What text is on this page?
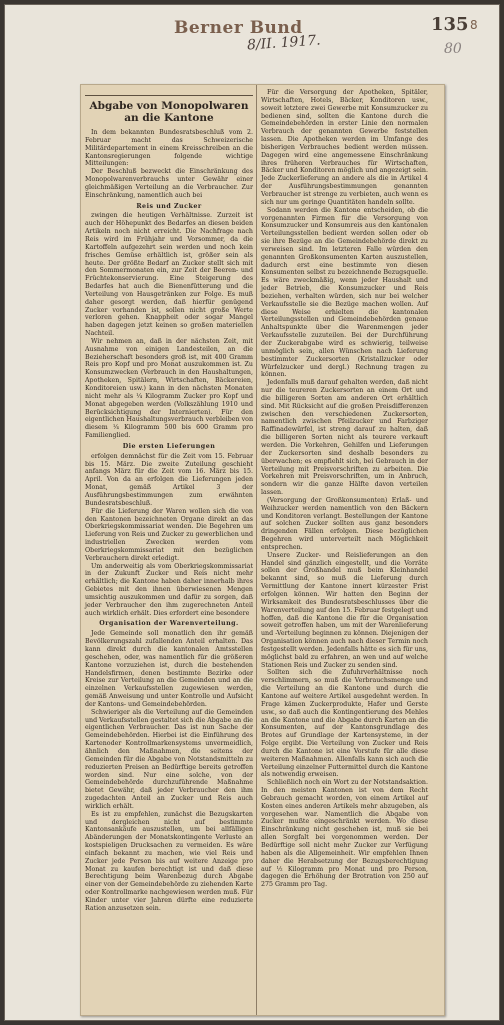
Berner Bund	135 8
8/II. 1917.	80
Abgabe von Monopolwaren an die Kantone

In dem bekannten Bundesratsbeschluß vom 2. Februar macht das Schweizerische Militärdepartement in einem Kreisschreiben an die Kantonsregierungen folgende wichtige Mitteilungen:

Der Beschluß bezweckt die Einschränkung des Monopolwarenverbrauchs unter Gewähr einer gleichmäßigen Verteilung an die Verbraucher. Zur Einschränkung, namentlich auch bei

Reis und Zucker

zwingen die heutigen Verhältnisse. Zurzeit ist auch der Höhepunkt des Bedarfes an diesen beiden Artikeln noch nicht erreicht. Die Nachfrage nach Reis wird im Frühjahr und Vorsommer, da die Kartoffeln aufgezehrt sein werden und noch kein frisches Gemüse erhältlich ist, größer sein als heute. Der größte Bedarf an Zucker stellt sich mit den Sommermonaten ein, zur Zeit der Beeren- und Früchtekonservierung. Eine Steigerung des Bedarfes hat auch die Bienenfütterung und die Verteilung von Hausgetränken zur Folge. Es muß daher gesorgt werden, daß hierfür genügend Zucker vorhanden ist, sollen nicht große Werte verloren gehen. Knappheit oder sogar Mangel haben dagegen jetzt keinen so großen materiellen Nachteil.

Wir nehmen an, daß in der nächsten Zeit, mit Ausnahme von einigen Landesteilen, an die Bezieherschaft besonders groß ist, mit 400 Gramm Reis pro Kopf und pro Monat auszukommen ist. Zu Konsumzwecken (Verbrauch in den Haushaltungen, Apotheken, Spitälern, Wirtschaften, Bäckereien, Konditoreien usw.) kann in den nächsten Monaten nicht mehr als ¼ Kilogramm Zucker pro Kopf und Monat abgegeben werden (Volkszählung 1910 und Berücksichtigung der Internierten). Für den eigentlichen Haushaltungsverbrauch verbleiben von diesem ¼ Kilogramm 500 bis 600 Gramm pro Familienglied.

Die ersten Lieferungen

erfolgen demnächst für die Zeit vom 15. Februar bis 15. März. Die zweite Zuteilung geschieht anfangs März für die Zeit vom 16. März bis 15. April. Von da an erfolgen die Lieferungen jeden Monat, gemäß Artikel 3 der Ausführungsbestimmungen zum erwähnten Bundesratsbeschluß.

Für die Lieferung der Waren wollen sich die von den Kantonen bezeichneten Organe direkt an das Oberkriegskommissariat wenden. Die Begehren um Lieferung von Reis und Zucker zu gewerblichen und industriellen Zwecken werden vom Oberkriegskommissariat mit den bezüglichen Verbrauchern direkt erledigt.

Um anderweitig als vom Oberkriegskommissariat in der Zukunft Zucker und Reis nicht mehr erhältlich; die Kantone haben daher innerhalb ihres Gebietes mit den ihnen überwiesenen Mengen umsichtig auszukommen und dafür zu sorgen, daß jeder Verbraucher den ihm zugerechneten Anteil auch wirklich erhält. Dies erfordert eine besondere

Organisation der Warenverteilung.

Jede Gemeinde soll monatlich den ihr gemäß Bevölkerungszahl zufallenden Anteil erhalten. Das kann direkt durch die kantonalen Amtsstellen geschehen, oder, was namentlich für die größeren Kantone vorzuziehen ist, durch die bestehenden Handelsfirmen, denen bestimmte Bezirke oder Kreise zur Verteilung an die Gemeinden und an die einzelnen Verkaufsstellen zugewiesen werden, gemäß Anweisung und unter Kontrolle und Aufsicht der Kantons- und Gemeindebehörden.

Schwieriger als die Verteilung auf die Gemeinden und Verkaufsstellen gestaltet sich die Abgabe an die eigentlichen Verbraucher. Das ist nun Sache der Gemeindebehörden. Hierbei ist die Einführung des Kartenoder Kontrollmarkensystems unvermeidlich, ähnlich den Maßnahmen, die seitens der Gemeinden für die Abgabe von Notstandsmitteln zu reduzierten Preisen an Bedürftige bereits getroffen worden sind. Nur eine solche, von der Gemeindebehörde durchzuführende Maßnahme bietet Gewähr, daß jeder Verbraucher den ihm zugedachten Anteil an Zucker und Reis auch wirklich erhält.

Es ist zu empfehlen, zunächst die Bezugskarten und dergleichen nicht auf bestimmte Kantonsankäufe auszustellen, um bei allfälligen Abänderungen der Monatskontingente Verluste an kostspieligen Drucksachen zu vermeiden. Es wäre einfach bekannt zu machen, wie viel Reis und Zucker jede Person bis auf weitere Anzeige pro Monat zu kaufen berechtigt ist und daß diese Berechtigung beim Warenbezug durch Abgabe einer von der Gemeindebehörde zu ziehenden Karte oder Kontrollmarke nachgewiesen werden muß. Für Kinder unter vier Jahren dürfte eine reduzierte Ration anzusetzen sein.

Für die Versorgung der Apotheken, Spitäler, Wirtschaften, Hotels, Bäcker, Konditoren usw., soweit letztere zwei Gewerbe mit Konsumzucker zu bedienen sind, sollten die Kantone durch die Gemeindebehörden in erster Linie den normalen Verbrauch der genannten Gewerbe feststellen lassen. Die Apotheken werden im Umfange des bisherigen Verbrauches bedient werden müssen. Dagegen wird eine angemessene Einschränkung ihres früheren Verbrauches für Wirtschaften, Bäcker und Konditoren möglich und angezeigt sein. Jede Zuckerlieferung an andere als die in Artikel 4 der Ausführungsbestimmungen genannten Verbraucher ist strenge zu verbieten, auch wenn es sich nur um geringe Quantitäten handeln sollte.

Sodann werden die Kantone entscheiden, ob die vorgenannten Firmen für die Versorgung von Konsumzucker und Konsumreis aus den kantonalen Verteilungsstellen bedient werden sollen oder ob sie ihre Bezüge an die Gemeindebehörde direkt zu verweisen sind. Im letzteren Falle würden den genannten Großkonsumenten Karten auszustellen, dadurch erst eine bestimmte von diesen Konsumenten selbst zu bezeichnende Bezugsquelle. Es wäre zweckmäßig, wenn jeder Haushalt und jeder Betrieb, die Konsumzucker und Reis beziehen, verhalten würden, sich nur bei welcher Verkaufsstelle sie die Bezüge machen wollen. Auf diese Weise erhielten die kantonalen Verteilungsstellen und Gemeindebehörden genaue Anhaltspunkte über die Warenmengen jeder Verkaufsstelle zuzuteilen. Bei der Durchführung der Zuckerabgabe wird es schwierig, teilweise unmöglich sein, allen Wünschen nach Lieferung bestimmter Zuckersorten (Kristallzucker oder Würfelzucker und dergl.) Rechnung tragen zu können.

Jedenfalls muß darauf gehalten werden, daß nicht nur die teureren Zuckersorten an einem Ort und die billigeren Sorten am anderen Ort erhältlich sind. Mit Rücksicht auf die großen Preisdifferenzen zwischen den verschiedenen Zuckersorten, namentlich zwischen Pfeilzucker und Farbziger Raffinadewürfel, ist streng darauf zu halten, daß die billigeren Sorten nicht als teurere verkauft werden. Die Vorkehren, Gehilfen und Lieferungen der Zuckersorten sind deshalb besonders zu überwachen; es empfiehlt sich, bei Gebrauch in der Verteilung mit Preisvorschriften zu arbeiten. Die Vorkehren mit Preisvorschriften, um in Anbruch, sondern wir die ganze Hälfte davon verteilen lassen.

(Versorgung der Großkonsumenten) Erlaß- und Weihzucker werden namentlich von den Bäckern und Konditoren verlangt. Bestellungen der Kantone auf solchen Zucker sollten aus ganz besonders dringenden Fällen erfolgen. Diese bezüglichen Begehren wird unterverteilt nach Möglichkeit entsprechen.

Unsere Zucker- und Reislieferungen an den Handel sind gänzlich eingestellt, und die Vorräte sollen der Großhandel muß beim Kleinhandel bekannt sind, so muß die Lieferung durch Vermittlung der Kantone innert kürzester Frist erfolgen können. Wir hatten den Beginn der Wirksamkeit des Bundesratsbeschlusses über die Warenverteilung auf den 15. Februar festgelegt und hoffen, daß die Kantone die für die Organisation soweit getroffen haben, um mit der Warenlieferung und -Verteilung beginnen zu können. Diejenigen der Organisation können auch nach dieser Termin noch festgestellt werden. Jedenfalls hätte es sich für uns, möglichst bald zu erfahren, an wen und auf welche Stationen Reis und Zucker zu senden sind.

Sollten sich die Zufuhrverhältnisse noch verschlimmern, so muß die Verbrauchsmenge und die Verteilung an die Kantone und durch die Kantone auf weitere Artikel ausgedehnt werden. In Frage kämen Zuckerprodukte, Hafer und Gerste usw., so daß auch die Kontingentierung des Mehles an die Kantone und die Abgabe durch Karten an die Konsumenten, auf der Kantonsgrundlage des Brotes auf Grundlage der Kartensysteme, in der Folge ergibt. Die Verteilung von Zucker und Reis durch die Kantone ist eine Vorstufe für alle diese weiteren Maßnahmen. Allenfalls kann sich auch die Verteilung einzelner Futtermittel durch die Kantone als notwendig erweisen.

Schließlich noch ein Wort zu der Notstandsaktion. In den meisten Kantonen ist von dem Recht Gebrauch gemacht worden, von einem Artikel auf Kosten eines anderen Artikels mehr abzugeben, als vorgesehen war. Namentlich die Abgabe von Zucker mußte eingeschränkt werden. Wo diese Einschränkung nicht geschehen ist, muß sie bei allen Sorgfalt bei vorgenommen werden. Der Bedürftige soll nicht mehr Zucker zur Verfügung haben als die Allgemeinheit. Wir empfehlen Ihnen daher die Herabsetzung der Bezugsberechtigung auf ½ Kilogramm pro Monat und pro Person, dagegen die Erhöhung der Brotration von 250 auf 275 Gramm pro Tag.
